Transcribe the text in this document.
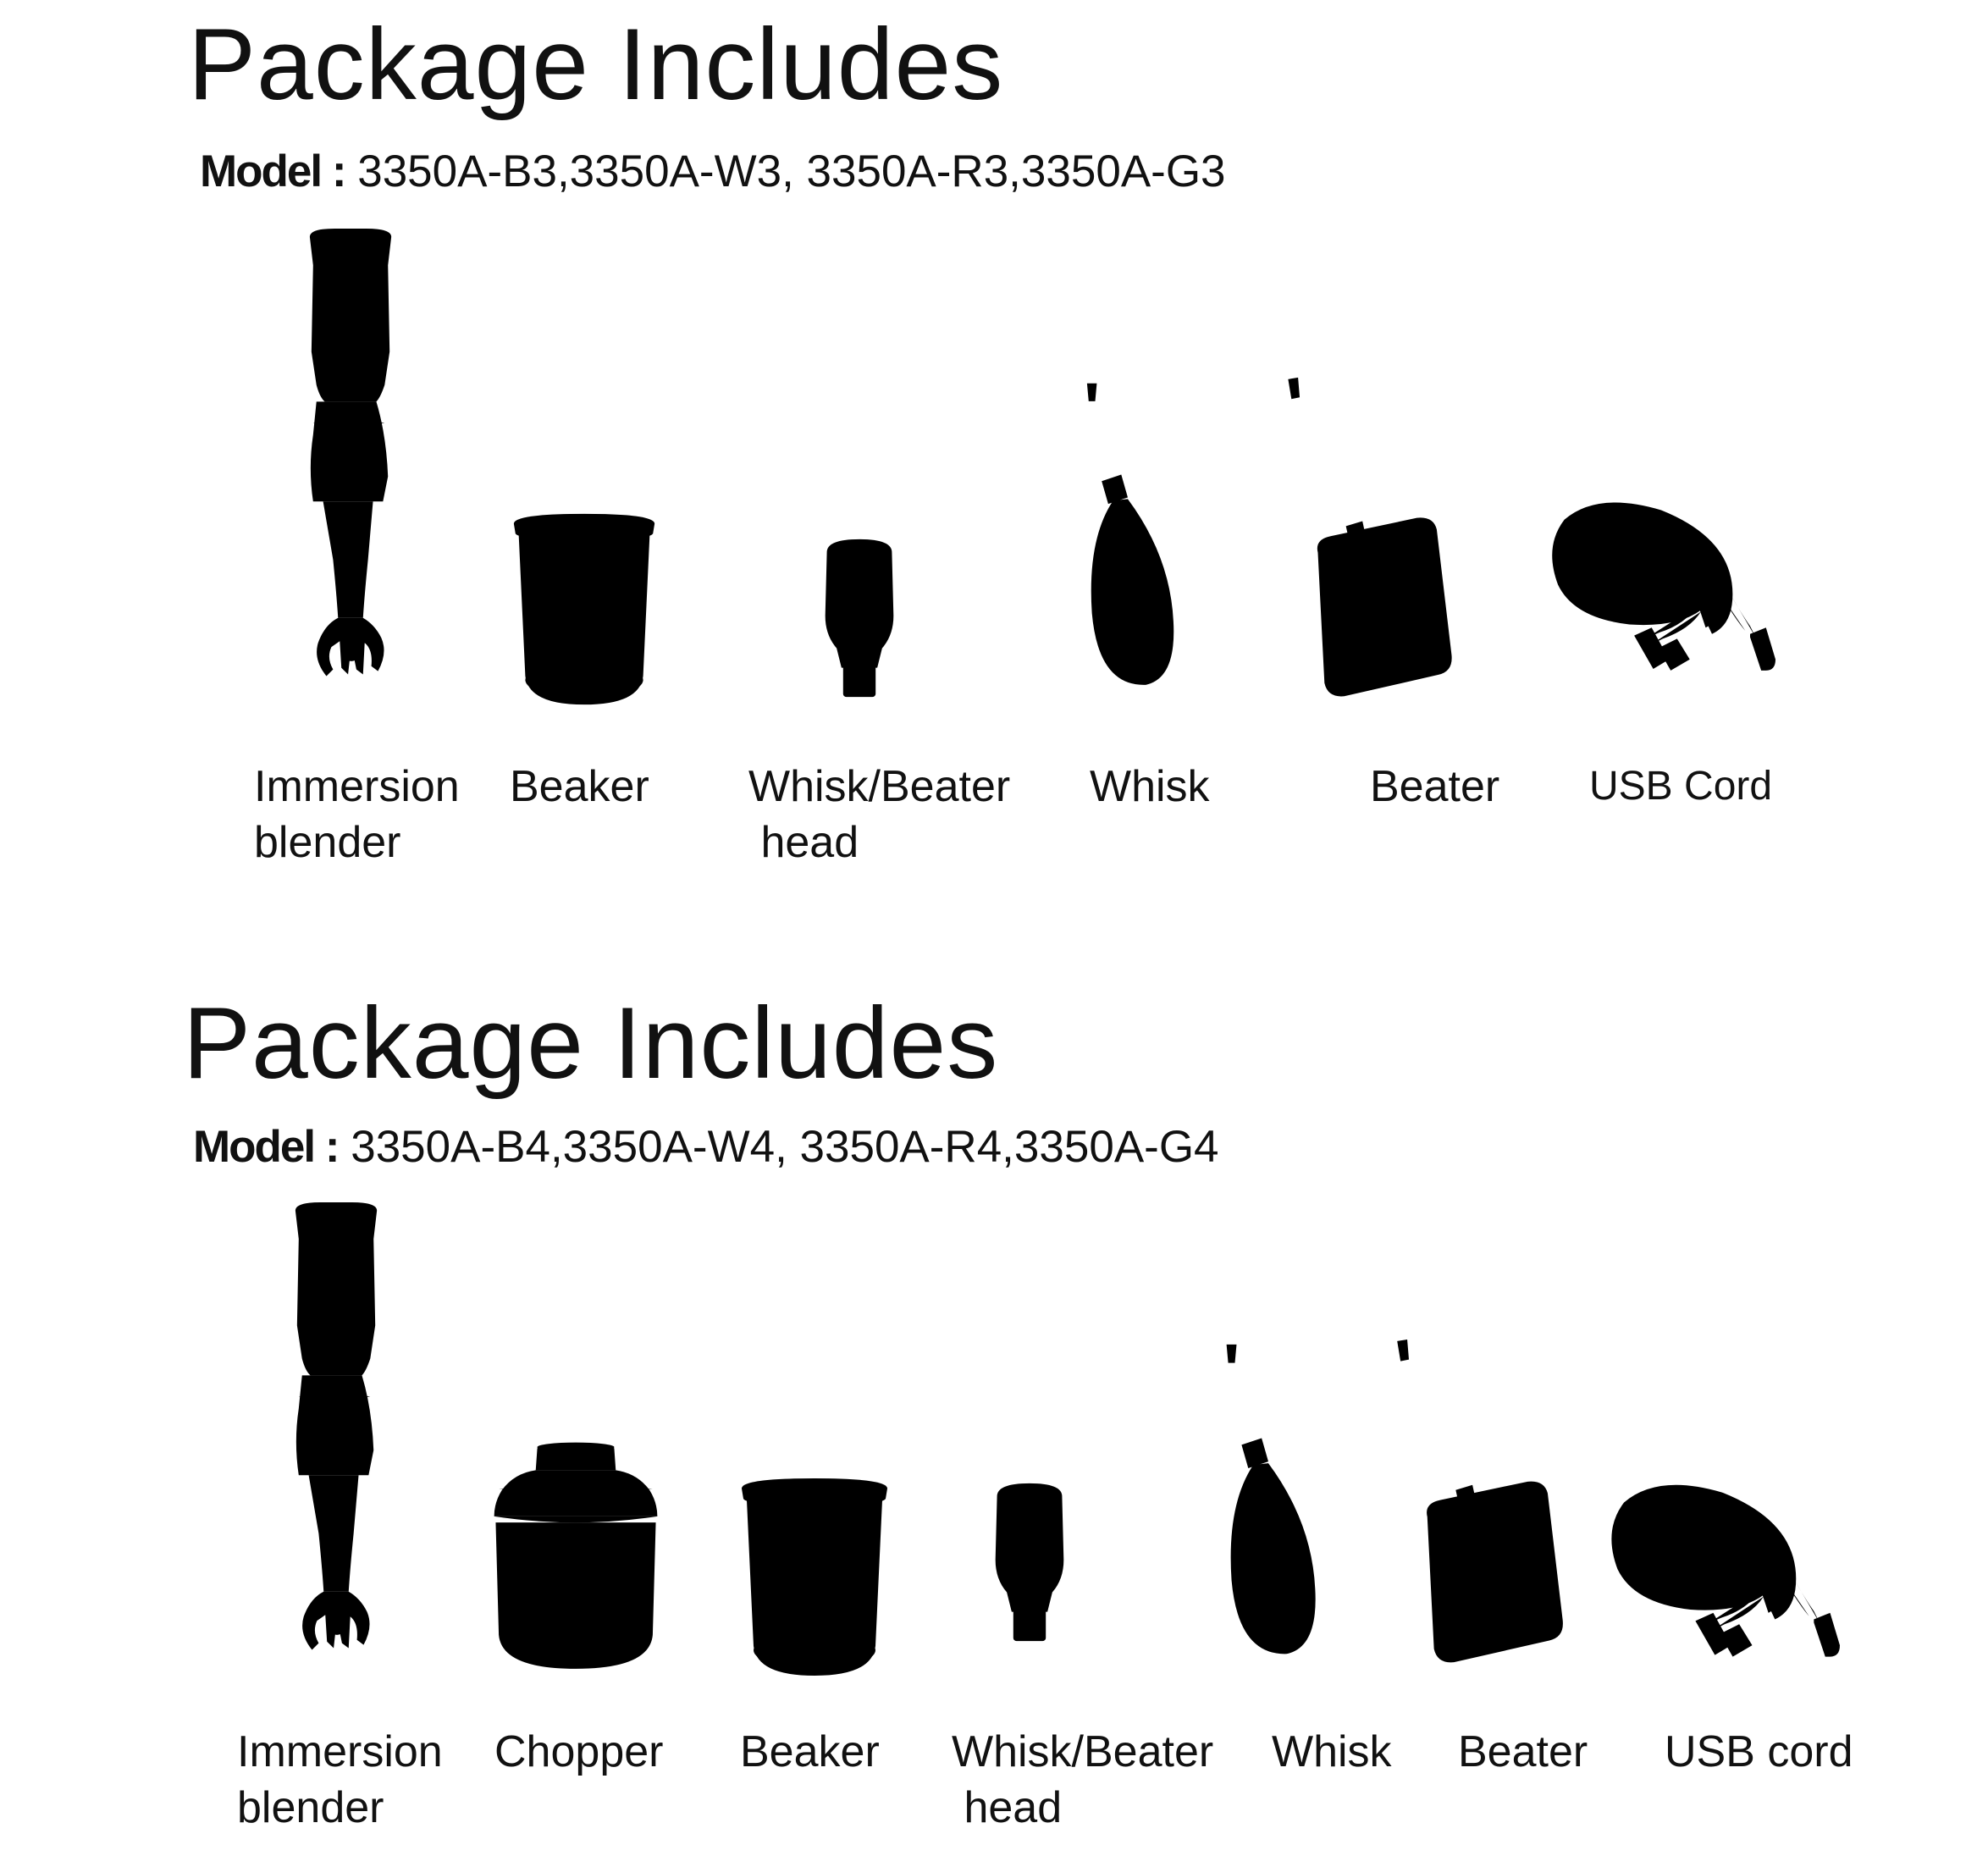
Package Includes
Model : 3350A-B3,3350A-W3, 3350A-R3,3350A-G3
Immersion
blender
Beaker Whisk/Beater
head
Whisk	Beater USB Cord
Package Includes
Model : 3350A-B4,3350A-W4, 3350A-R4,3350A-G4
Immersion
blender
Chopper Beaker Whisk/Beater
head
Whisk Beater USB cord
